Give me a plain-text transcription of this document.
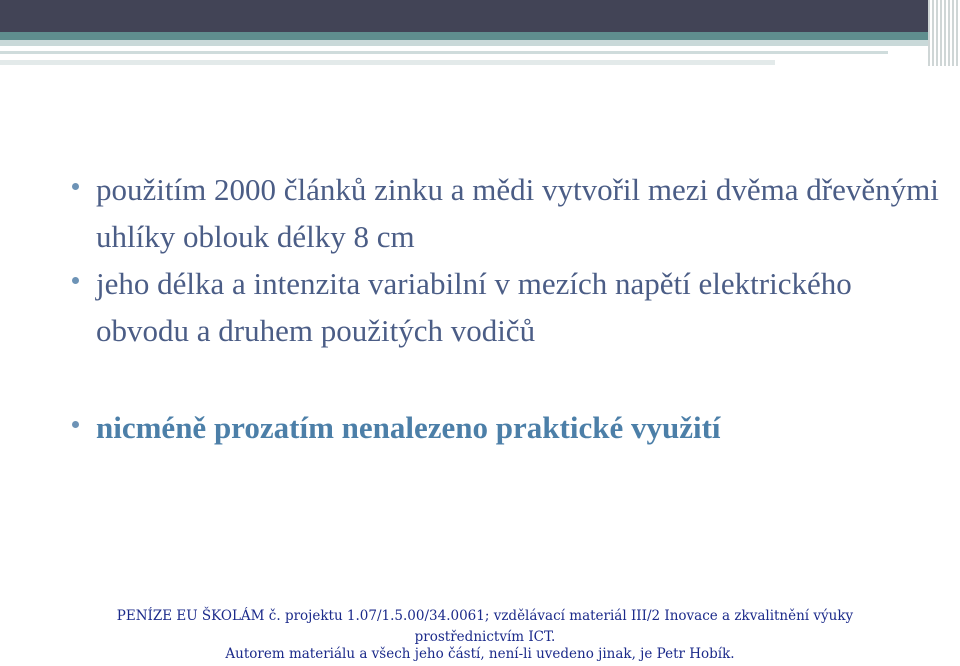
použitím 2000 článků zinku a mědi vytvořil mezi dvěma dřevěnými uhlíky oblouk délky 8 cm
jeho délka a intenzita variabilní v mezích napětí elektrického obvodu a druhem použitých vodičů
nicméně prozatím nenalezeno praktické využití
PENÍZE EU ŠKOLÁM č. projektu 1.07/1.5.00/34.0061; vzdělávací materiál III/2 Inovace a zkvalitnění výuky prostřednictvím ICT.
Autorem materiálu a všech jeho částí, není-li uvedeno jinak, je Petr Hobík.
